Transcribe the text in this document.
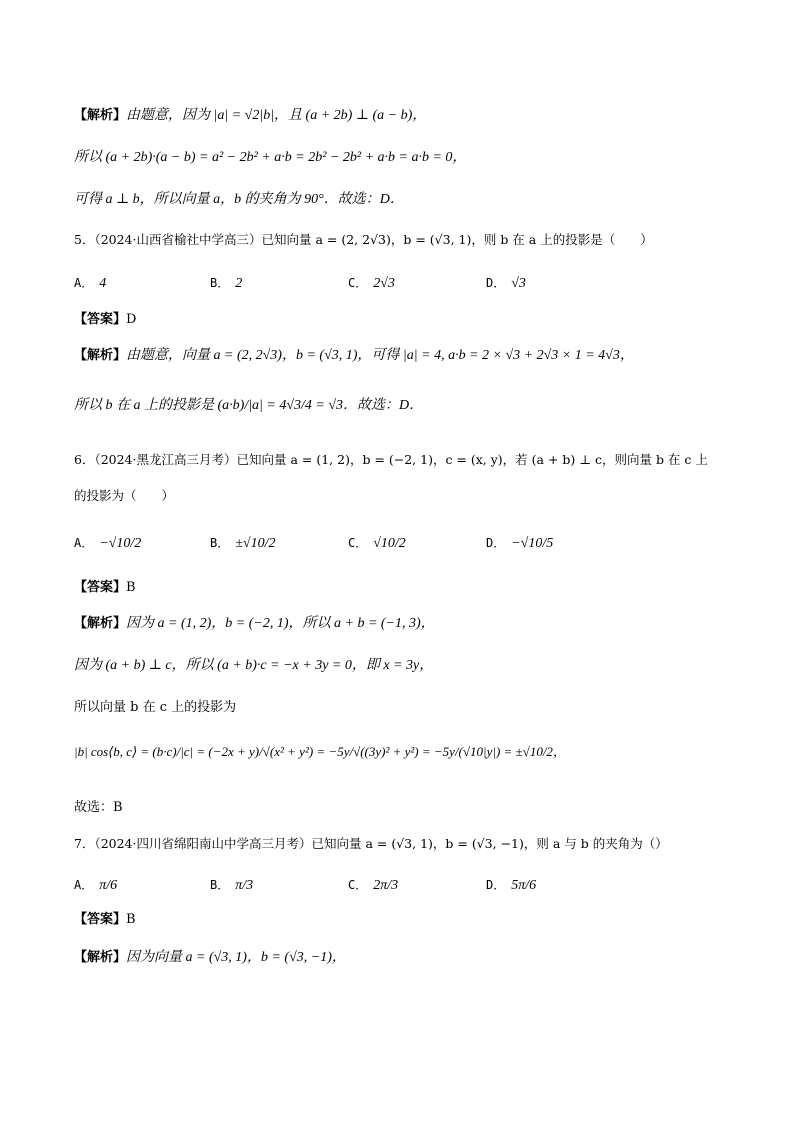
【解析】由题意，因为 |a| = √2|b|，且 (a + 2b) ⊥ (a − b)，
所以 (a + 2b)·(a − b) = a² − 2b² + a·b = 2b² − 2b² + a·b = a·b = 0，
可得 a ⊥ b，所以向量 a，b 的夹角为 90°．故选：D．
5．（2024·山西省榆社中学高三）已知向量 a = (2, 2√3)，b = (√3, 1)，则 b 在 a 上的投影是（　　）
A． 4	B． 2	C． 2√3	D． √3
【答案】D
【解析】由题意，向量 a = (2, 2√3)，b = (√3, 1)，可得 |a| = 4, a·b = 2 × √3 + 2√3 × 1 = 4√3，
所以 b 在 a 上的投影是 (a·b)/|a| = 4√3/4 = √3．故选：D．
6．（2024·黑龙江高三月考）已知向量 a = (1, 2)，b = (−2, 1)，c = (x, y)，若 (a + b) ⊥ c，则向量 b 在 c 上
的投影为（　　）
A． −√10/2	B． ±√10/2	C． √10/2	D． −√10/5
【答案】B
【解析】因为 a = (1, 2)，b = (−2, 1)，所以 a + b = (−1, 3)，
因为 (a + b) ⊥ c，所以 (a + b)·c = −x + 3y = 0，即 x = 3y，
所以向量 b 在 c 上的投影为
|b| cos⟨b, c⟩ = (b·c)/|c| = (−2x + y)/√(x² + y²) = −5y/√((3y)² + y²) = −5y/(√10|y|) = ±√10/2，
故选：B
7．（2024·四川省绵阳南山中学高三月考）已知向量 a = (√3, 1)，b = (√3, −1)，则 a 与 b 的夹角为（）
A． π/6	B． π/3	C． 2π/3	D． 5π/6
【答案】B
【解析】因为向量 a = (√3, 1)，b = (√3, −1)，
